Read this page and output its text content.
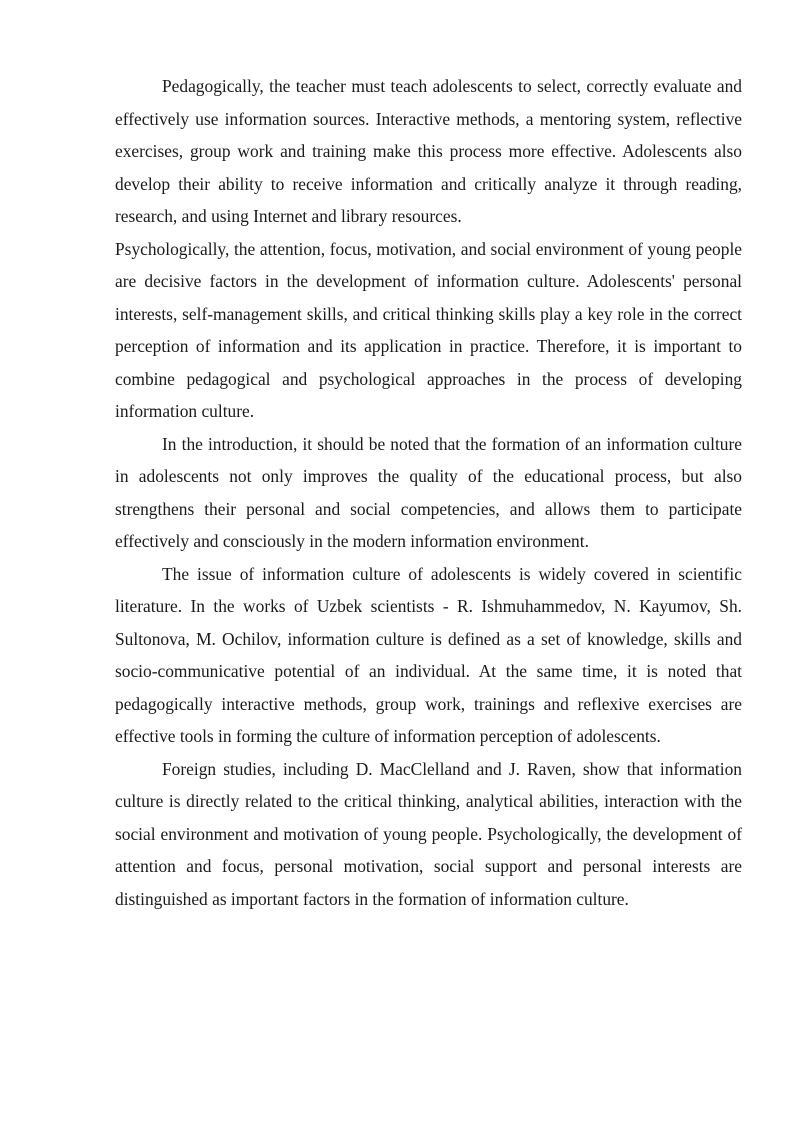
Pedagogically, the teacher must teach adolescents to select, correctly evaluate and effectively use information sources. Interactive methods, a mentoring system, reflective exercises, group work and training make this process more effective. Adolescents also develop their ability to receive information and critically analyze it through reading, research, and using Internet and library resources.

Psychologically, the attention, focus, motivation, and social environment of young people are decisive factors in the development of information culture. Adolescents' personal interests, self-management skills, and critical thinking skills play a key role in the correct perception of information and its application in practice. Therefore, it is important to combine pedagogical and psychological approaches in the process of developing information culture.

In the introduction, it should be noted that the formation of an information culture in adolescents not only improves the quality of the educational process, but also strengthens their personal and social competencies, and allows them to participate effectively and consciously in the modern information environment.

The issue of information culture of adolescents is widely covered in scientific literature. In the works of Uzbek scientists - R. Ishmuhammedov, N. Kayumov, Sh. Sultonova, M. Ochilov, information culture is defined as a set of knowledge, skills and socio-communicative potential of an individual. At the same time, it is noted that pedagogically interactive methods, group work, trainings and reflexive exercises are effective tools in forming the culture of information perception of adolescents.

Foreign studies, including D. MacClelland and J. Raven, show that information culture is directly related to the critical thinking, analytical abilities, interaction with the social environment and motivation of young people. Psychologically, the development of attention and focus, personal motivation, social support and personal interests are distinguished as important factors in the formation of information culture.
